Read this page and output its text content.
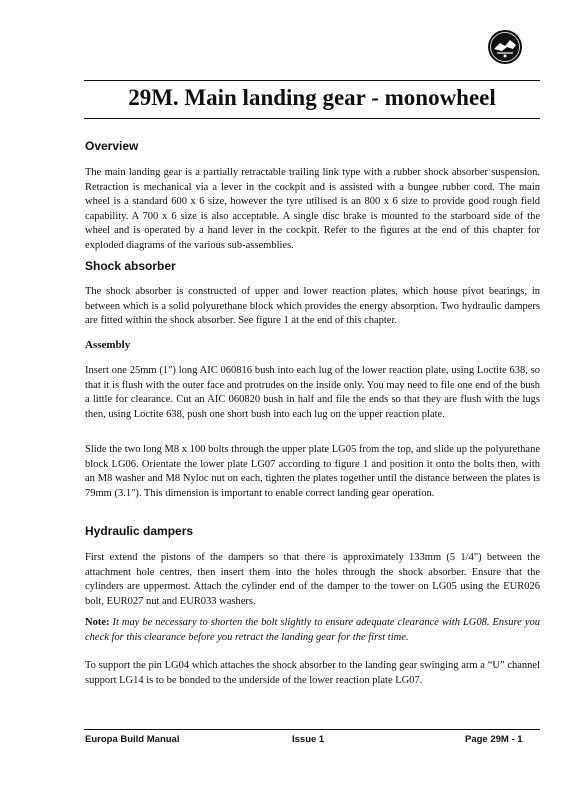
29M. Main landing gear - monowheel
Overview

The main landing gear is a partially retractable trailing link type with a rubber shock absorber suspension. Retraction is mechanical via a lever in the cockpit and is assisted with a bungee rubber cord. The main wheel is a standard 600 x 6 size, however the tyre utilised is an 800 x 6 size to provide good rough field capability. A 700 x 6 size is also acceptable. A single disc brake is mounted to the starboard side of the wheel and is operated by a hand lever in the cockpit. Refer to the figures at the end of this chapter for exploded diagrams of the various sub-assemblies.

Shock absorber

The shock absorber is constructed of upper and lower reaction plates, which house pivot bearings, in between which is a solid polyurethane block which provides the energy absorption. Two hydraulic dampers are fitted within the shock absorber. See figure 1 at the end of this chapter.

Assembly

Insert one 25mm (1") long AIC 060816 bush into each lug of the lower reaction plate, using Loctite 638, so that it is flush with the outer face and protrudes on the inside only. You may need to file one end of the bush a little for clearance. Cut an AIC 060820 bush in half and file the ends so that they are flush with the lugs then, using Loctite 638, push one short bush into each lug on the upper reaction plate.

Slide the two long M8 x 100 bolts through the upper plate LG05 from the top, and slide up the polyurethane block LG06. Orientate the lower plate LG07 according to figure 1 and position it onto the bolts then, with an M8 washer and M8 Nyloc nut on each, tighten the plates together until the distance between the plates is 79mm (3.1"). This dimension is important to enable correct landing gear operation.

Hydraulic dampers

First extend the pistons of the dampers so that there is approximately 133mm (5 1/4") between the attachment hole centres, then insert them into the holes through the shock absorber. Ensure that the cylinders are uppermost. Attach the cylinder end of the damper to the tower on LG05 using the EUR026 bolt, EUR027 nut and EUR033 washers.

Note: It may be necessary to shorten the bolt slightly to ensure adequate clearance with LG08. Ensure you check for this clearance before you retract the landing gear for the first time.

To support the pin LG04 which attaches the shock absorber to the landing gear swinging arm a “U” channel support LG14 is to be bonded to the underside of the lower reaction plate LG07.

Europa Build Manual	Issue 1	Page 29M - 1
